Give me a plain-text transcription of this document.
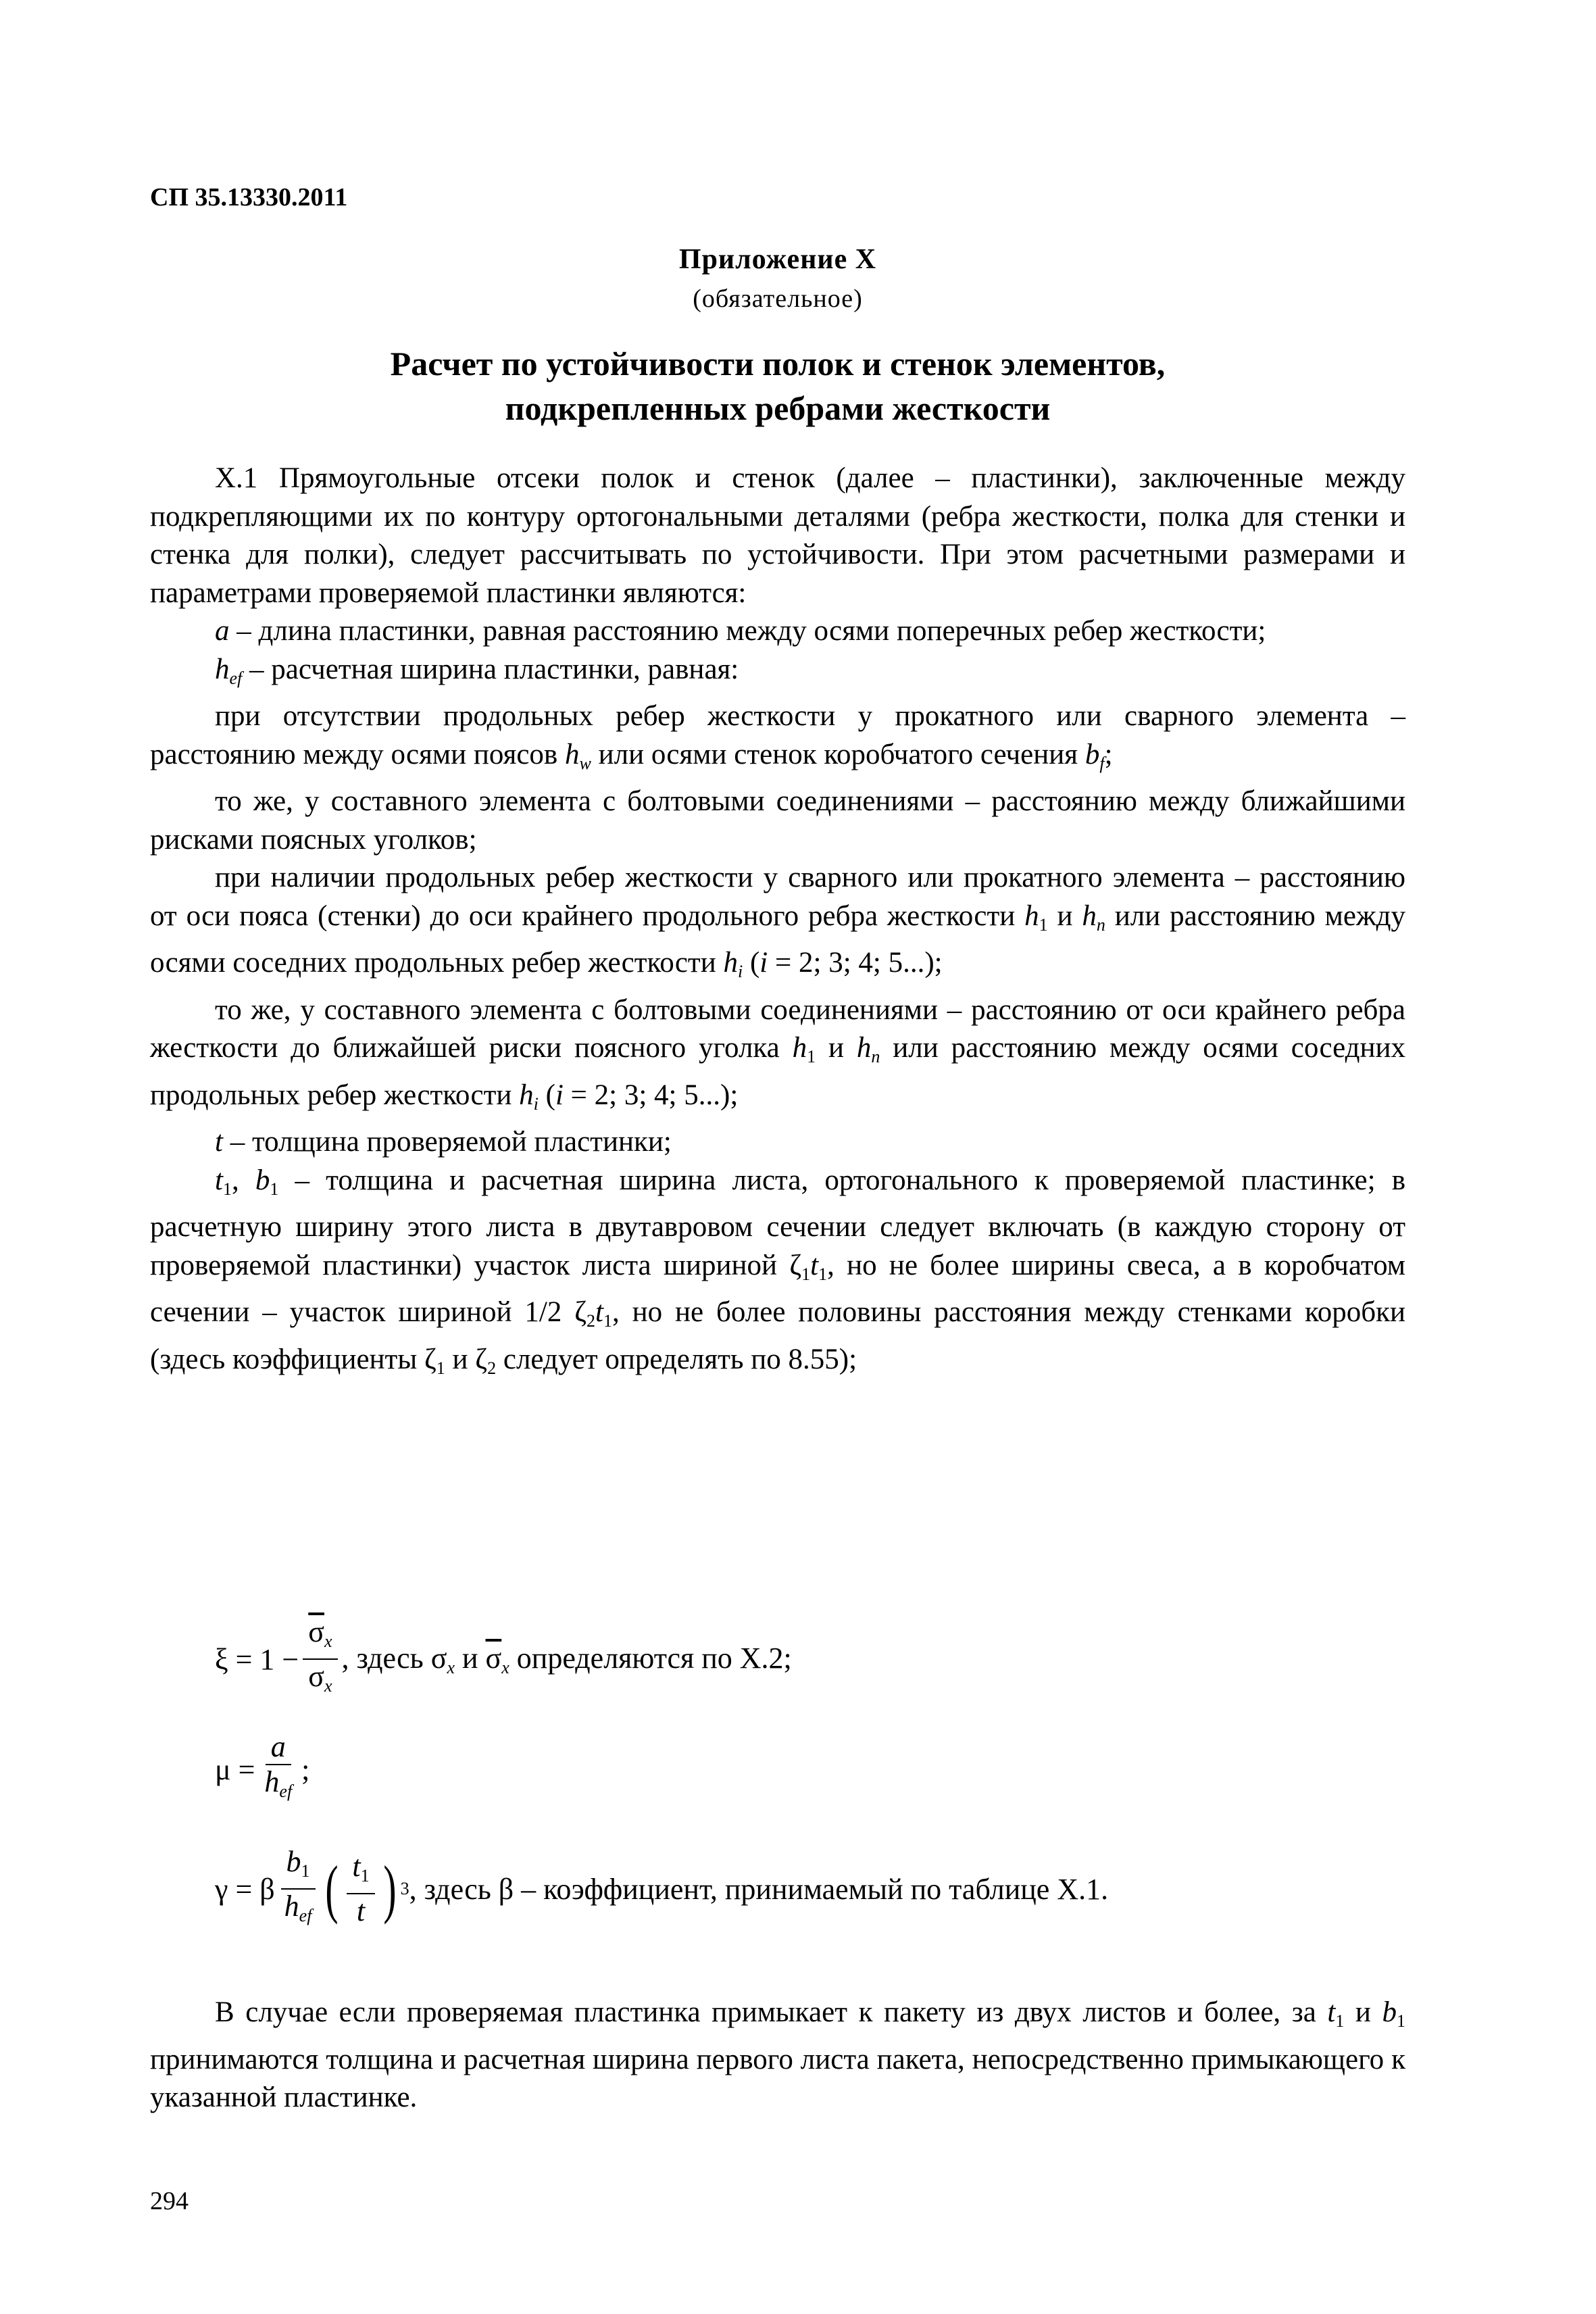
СП 35.13330.2011
Приложение Х
(обязательное)
Расчет по устойчивости полок и стенок элементов,
подкрепленных ребрами жесткости

Х.1 Прямоугольные отсеки полок и стенок (далее – пластинки), заключенные между подкрепляющими их по контуру ортогональными деталями (ребра жесткости, полка для стенки и стенка для полки), следует рассчитывать по устойчивости. При этом расчетными размерами и параметрами проверяемой пластинки являются:

a – длина пластинки, равная расстоянию между осями поперечных ребер жесткости;

$h_{ef}$ – расчетная ширина пластинки, равная:

при отсутствии продольных ребер жесткости у прокатного или сварного элемента – расстоянию между осями поясов $h_w$ или осями стенок коробчатого сечения $b_f$;

то же, у составного элемента с болтовыми соединениями – расстоянию между ближайшими рисками поясных уголков;

при наличии продольных ребер жесткости у сварного или прокатного элемента – расстоянию от оси пояса (стенки) до оси крайнего продольного ребра жесткости $h_1$ и $h_n$ или расстоянию между осями соседних продольных ребер жесткости $h_i$ (i = 2; 3; 4; 5...);

то же, у составного элемента с болтовыми соединениями – расстоянию от оси крайнего ребра жесткости до ближайшей риски поясного уголка $h_1$ и $h_n$ или расстоянию между осями соседних продольных ребер жесткости $h_i$ (i = 2; 3; 4; 5...);

t – толщина проверяемой пластинки;

$t_1$, $b_1$ – толщина и расчетная ширина листа, ортогонального к проверяемой пластинке; в расчетную ширину этого листа в двутавровом сечении следует включать (в каждую сторону от проверяемой пластинки) участок листа шириной $\zeta_1t_1$, но не более ширины свеса, а в коробчатом сечении – участок шириной 1/2 $\zeta_2t_1$, но не более половины расстояния между стенками коробки (здесь коэффициенты $\zeta_1$ и $\zeta_2$ следует определять по 8.55);

$\xi = 1 - \frac{\overline{\sigma}_x}{\sigma_x}$ , здесь $\sigma_x$ и $\overline{\sigma}_x$ определяются по Х.2;
$\mu = \frac{a}{h_{ef}}$ ;
γ = β $\frac{b_1}{h_{ef}}$ ( $\frac{t_1}{t}$ ) 3 , здесь β – коэффициент, принимаемый по таблице Х.1.

В случае если проверяемая пластинка примыкает к пакету из двух листов и более, за $t_1$ и $b_1$ принимаются толщина и расчетная ширина первого листа пакета, непосредственно примыкающего к указанной пластинке.

294
